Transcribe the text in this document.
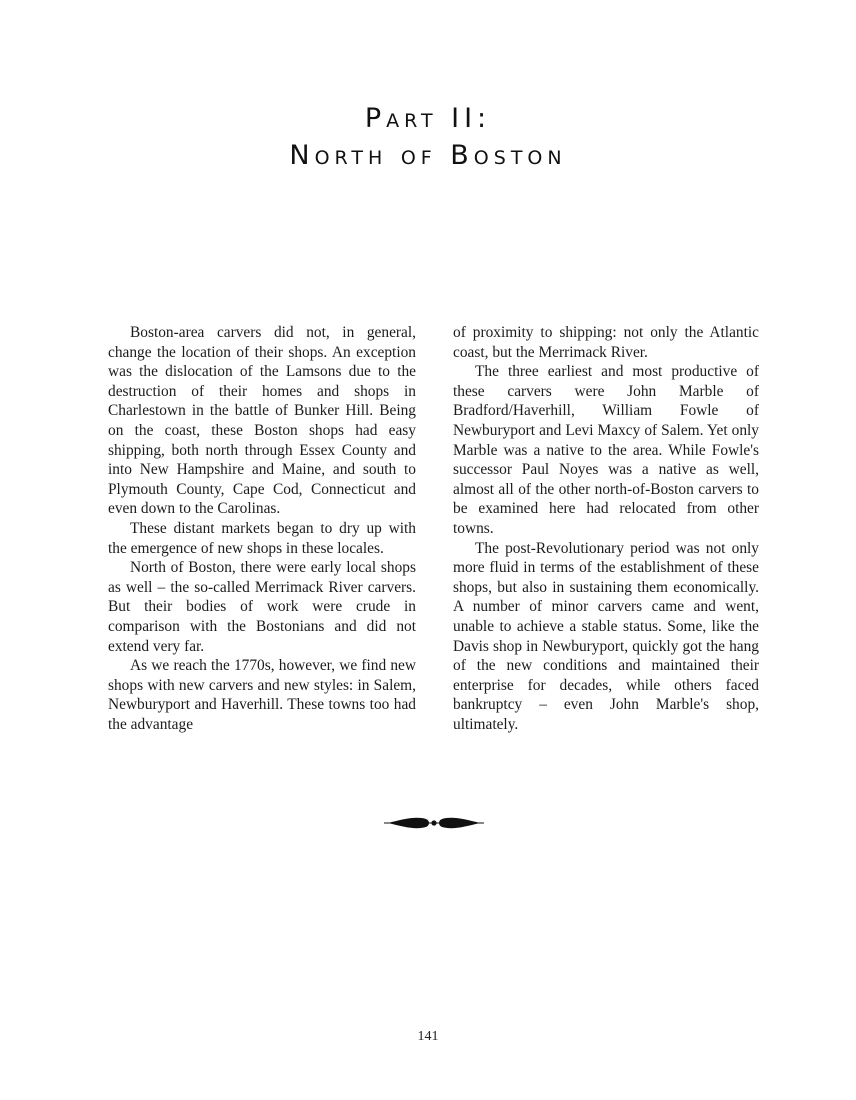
Part II:
North of Boston

Boston-area carvers did not, in general, change the location of their shops. An exception was the dislocation of the Lamsons due to the destruction of their homes and shops in Charlestown in the battle of Bunker Hill. Being on the coast, these Boston shops had easy shipping, both north through Essex County and into New Hampshire and Maine, and south to Plymouth County, Cape Cod, Connecticut and even down to the Carolinas.

These distant markets began to dry up with the emergence of new shops in these locales.

North of Boston, there were early local shops as well – the so-called Merrimack River carvers. But their bodies of work were crude in comparison with the Bostonians and did not extend very far.

As we reach the 1770s, however, we find new shops with new carvers and new styles: in Salem, Newburyport and Haverhill. These towns too had the advantage

of proximity to shipping: not only the Atlantic coast, but the Merrimack River.

The three earliest and most productive of these carvers were John Marble of Bradford/Haverhill, William Fowle of Newburyport and Levi Maxcy of Salem. Yet only Marble was a native to the area. While Fowle's successor Paul Noyes was a native as well, almost all of the other north-of-Boston carvers to be examined here had relocated from other towns.

The post-Revolutionary period was not only more fluid in terms of the establishment of these shops, but also in sustaining them economically. A number of minor carvers came and went, unable to achieve a stable status. Some, like the Davis shop in Newburyport, quickly got the hang of the new conditions and maintained their enterprise for decades, while others faced bankruptcy – even John Marble's shop, ultimately.

141
